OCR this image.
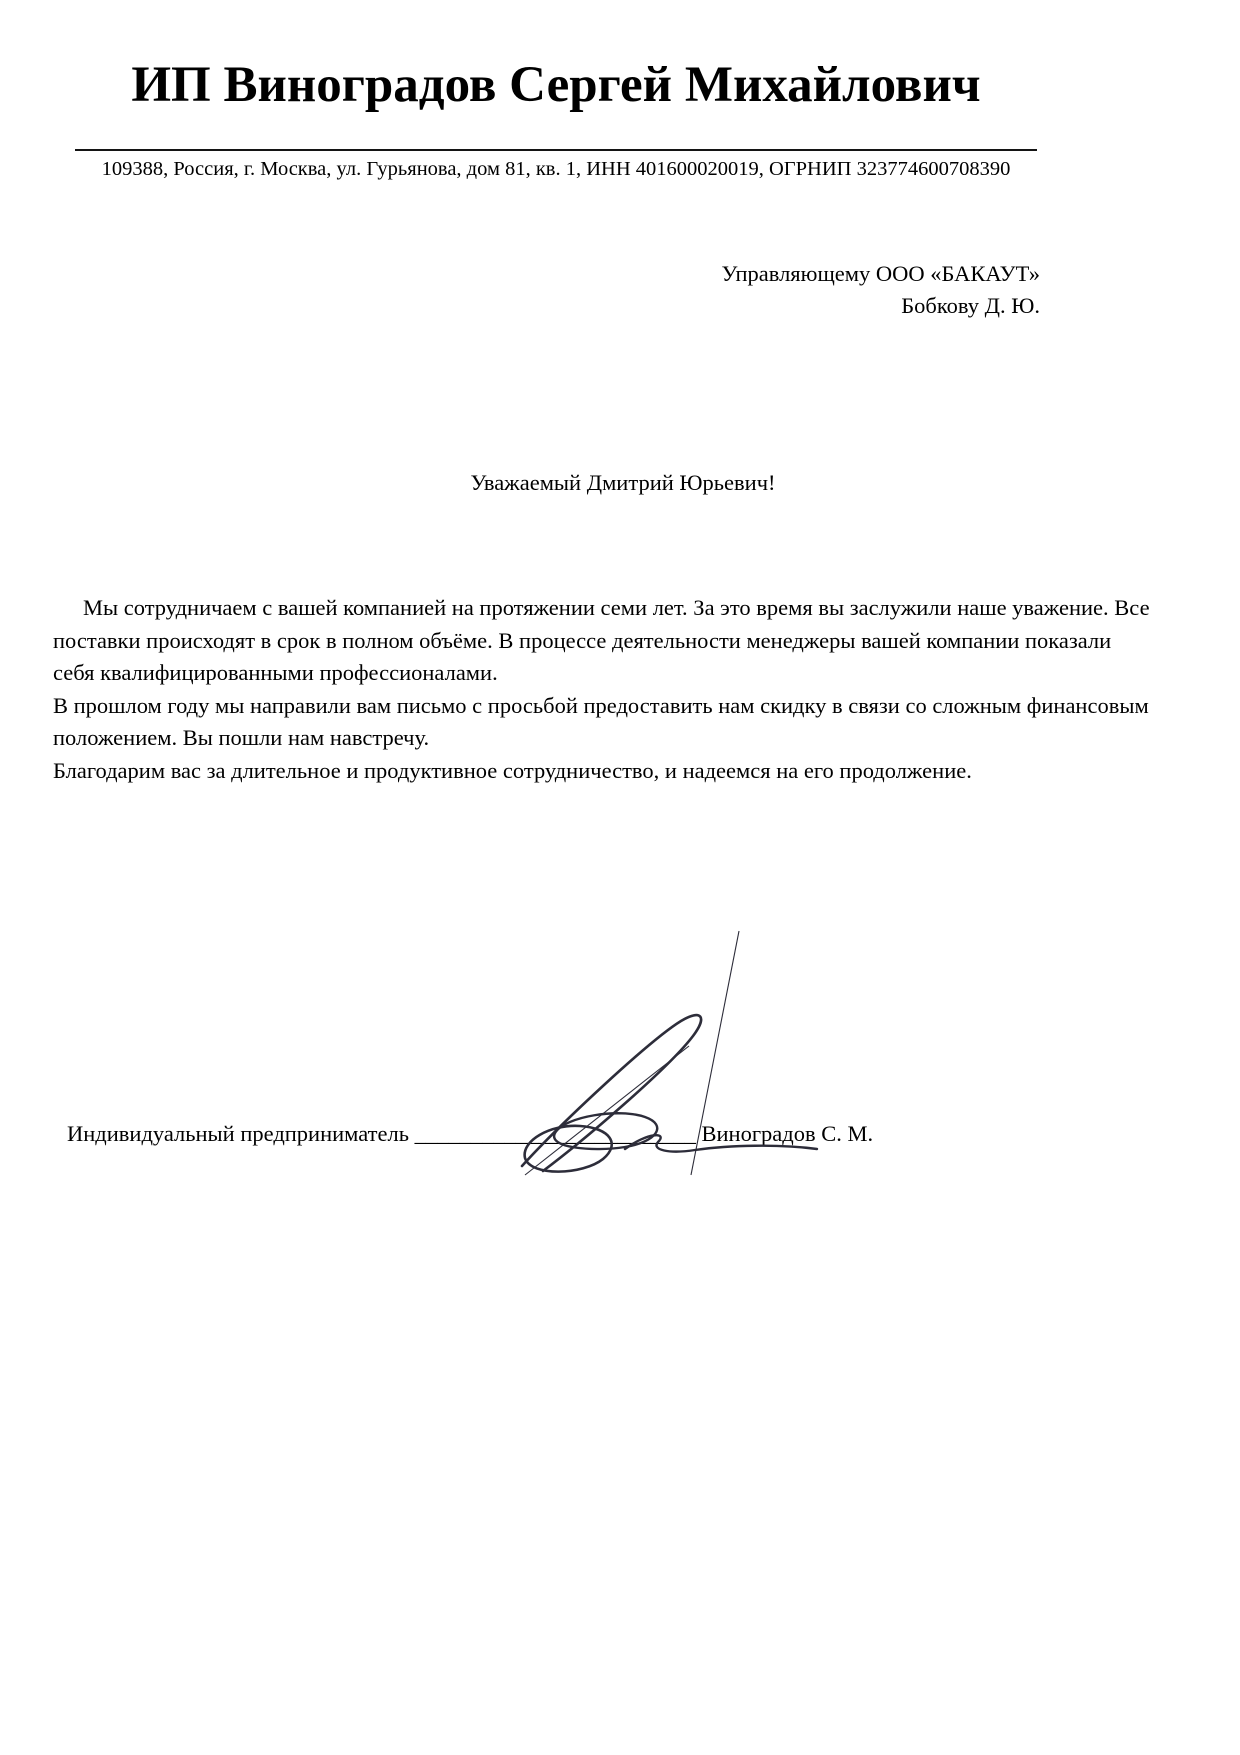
ИП Виноградов Сергей Михайлович
109388, Россия, г. Москва, ул. Гурьянова, дом 81, кв. 1, ИНН 401600020019, ОГРНИП 323774600708390
Управляющему ООО «БАКАУТ»
Бобкову Д. Ю.
Уважаемый Дмитрий Юрьевич!

Мы сотрудничаем с вашей компанией на протяжении семи лет. За это время вы заслужили наше уважение. Все поставки происходят в срок в полном объёме. В процессе деятельности менеджеры вашей компании показали себя квалифицированными профессионалами.

В прошлом году мы направили вам письмо с просьбой предоставить нам скидку в связи со сложным финансовым положением. Вы пошли нам навстречу.

Благодарим вас за длительное и продуктивное сотрудничество, и надеемся на его продолжение.

Индивидуальный предприниматель _________________________ Виноградов С. М.
